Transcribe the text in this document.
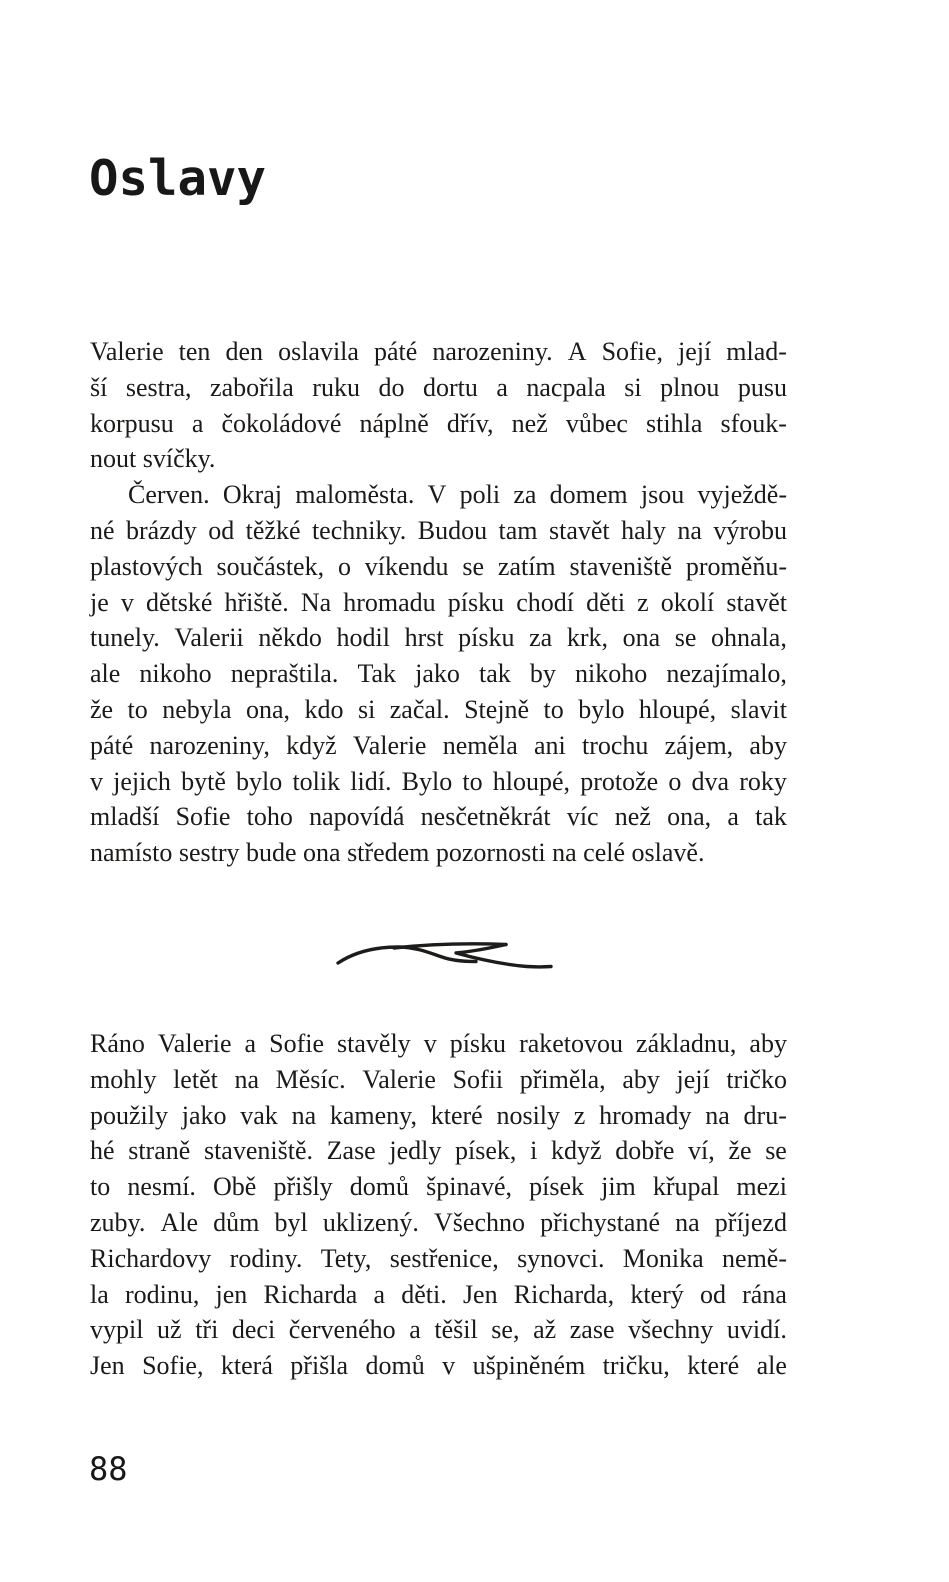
Oslavy
Valerie ten den oslavila páté narozeniny. A Sofie, její mlad-
ší sestra, zabořila ruku do dortu a nacpala si plnou pusu
korpusu a čokoládové náplně dřív, než vůbec stihla sfouk-
nout svíčky.
Červen. Okraj maloměsta. V poli za domem jsou vyježdě-
né brázdy od těžké techniky. Budou tam stavět haly na výrobu
plastových součástek, o víkendu se zatím staveniště proměňu-
je v dětské hřiště. Na hromadu písku chodí děti z okolí stavět
tunely. Valerii někdo hodil hrst písku za krk, ona se ohnala,
ale nikoho nepraštila. Tak jako tak by nikoho nezajímalo,
že to nebyla ona, kdo si začal. Stejně to bylo hloupé, slavit
páté narozeniny, když Valerie neměla ani trochu zájem, aby
v jejich bytě bylo tolik lidí. Bylo to hloupé, protože o dva roky
mladší Sofie toho napovídá nesčetněkrát víc než ona, a tak
namísto sestry bude ona středem pozornosti na celé oslavě.
Ráno Valerie a Sofie stavěly v písku raketovou základnu, aby
mohly letět na Měsíc. Valerie Sofii přiměla, aby její tričko
použily jako vak na kameny, které nosily z hromady na dru-
hé straně staveniště. Zase jedly písek, i když dobře ví, že se
to nesmí. Obě přišly domů špinavé, písek jim křupal mezi
zuby. Ale dům byl uklizený. Všechno přichystané na příjezd
Richardovy rodiny. Tety, sestřenice, synovci. Monika nemě-
la rodinu, jen Richarda a děti. Jen Richarda, který od rána
vypil už tři deci červeného a těšil se, až zase všechny uvidí.
Jen Sofie, která přišla domů v ušpiněném tričku, které ale
88
